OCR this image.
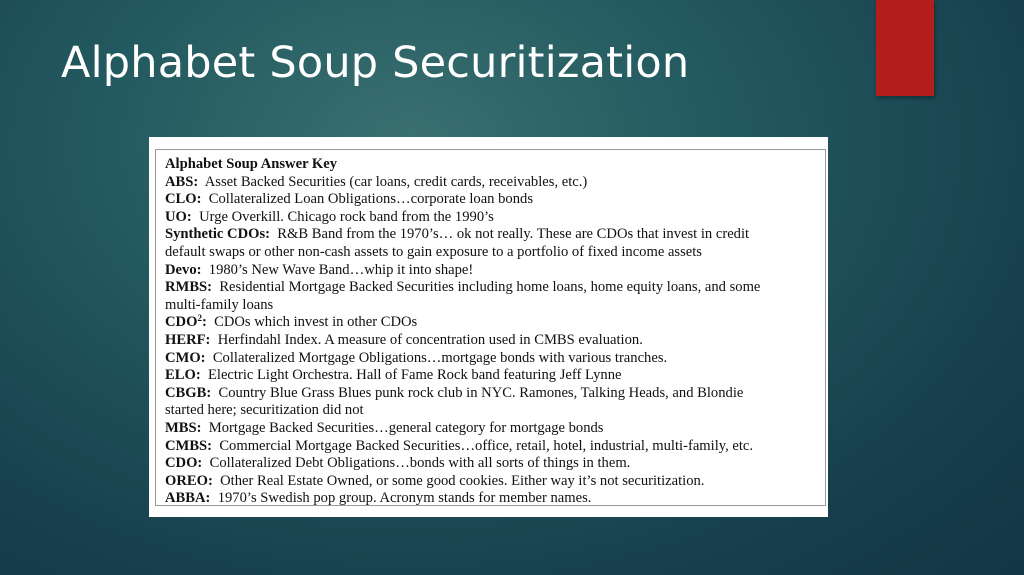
Alphabet Soup Securitization
Alphabet Soup Answer Key
ABS: Asset Backed Securities (car loans, credit cards, receivables, etc.)
CLO: Collateralized Loan Obligations…corporate loan bonds
UO: Urge Overkill. Chicago rock band from the 1990’s
Synthetic CDOs: R&B Band from the 1970’s… ok not really. These are CDOs that invest in credit
default swaps or other non-cash assets to gain exposure to a portfolio of fixed income assets
Devo: 1980’s New Wave Band…whip it into shape!
RMBS: Residential Mortgage Backed Securities including home loans, home equity loans, and some
multi-family loans
CDO$^2$: CDOs which invest in other CDOs
HERF: Herfindahl Index. A measure of concentration used in CMBS evaluation.
CMO: Collateralized Mortgage Obligations…mortgage bonds with various tranches.
ELO: Electric Light Orchestra. Hall of Fame Rock band featuring Jeff Lynne
CBGB: Country Blue Grass Blues punk rock club in NYC. Ramones, Talking Heads, and Blondie
started here; securitization did not
MBS: Mortgage Backed Securities…general category for mortgage bonds
CMBS: Commercial Mortgage Backed Securities…office, retail, hotel, industrial, multi-family, etc.
CDO: Collateralized Debt Obligations…bonds with all sorts of things in them.
OREO: Other Real Estate Owned, or some good cookies. Either way it’s not securitization.
ABBA: 1970’s Swedish pop group. Acronym stands for member names.
